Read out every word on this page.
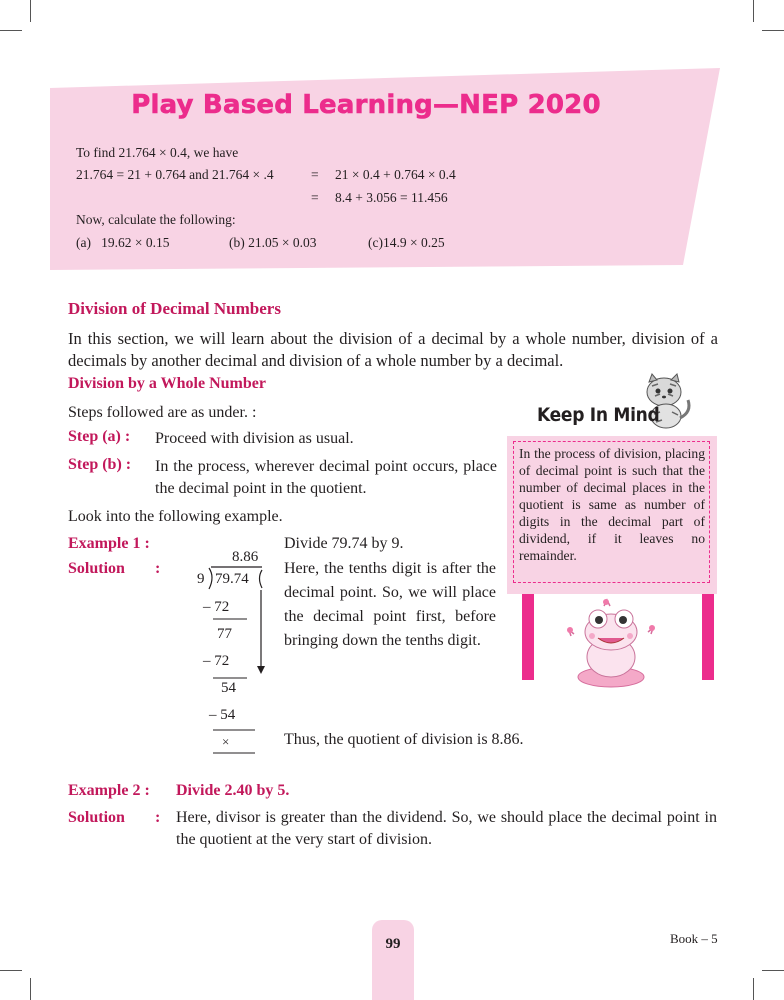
Play Based Learning—NEP 2020
To find 21.764 × 0.4, we have
21.764 = 21 + 0.764 and 21.764 × .4	= 21 × 0.4 + 0.764 × 0.4
= 8.4 + 3.056 = 11.456
Now, calculate the following:
(a)   19.62 × 0.15	(b) 21.05 × 0.03	(c)14.9 × 0.25
Division of Decimal Numbers
In this section, we will learn about the division of a decimal by a whole number, division of a decimals by another decimal and division of a whole number by a decimal.
Division by a Whole Number
Steps followed are as under. :
Step (a) : Proceed with division as usual.
Step (b) : In the process, wherever decimal point occurs, place the decimal point in the quotient.
Look into the following example.
Example 1 :
Solution :
Divide 79.74 by 9.
Here, the tenths digit is after the decimal point. So, we will place the decimal point first, before bringing down the tenths digit.
Thus, the quotient of division is 8.86.
8.86
9 79.74
– 72
77
– 72
54
– 54
×
Keep In Mind
In the process of division, placing of decimal point is such that the number of decimal places in the quotient is same as number of digits in the decimal part of dividend, if it leaves no remainder.
Example 2 : Divide 2.40 by 5.
Solution : Here, divisor is greater than the dividend. So, we should place the decimal point in the quotient at the very start of division.
99	Book – 5
